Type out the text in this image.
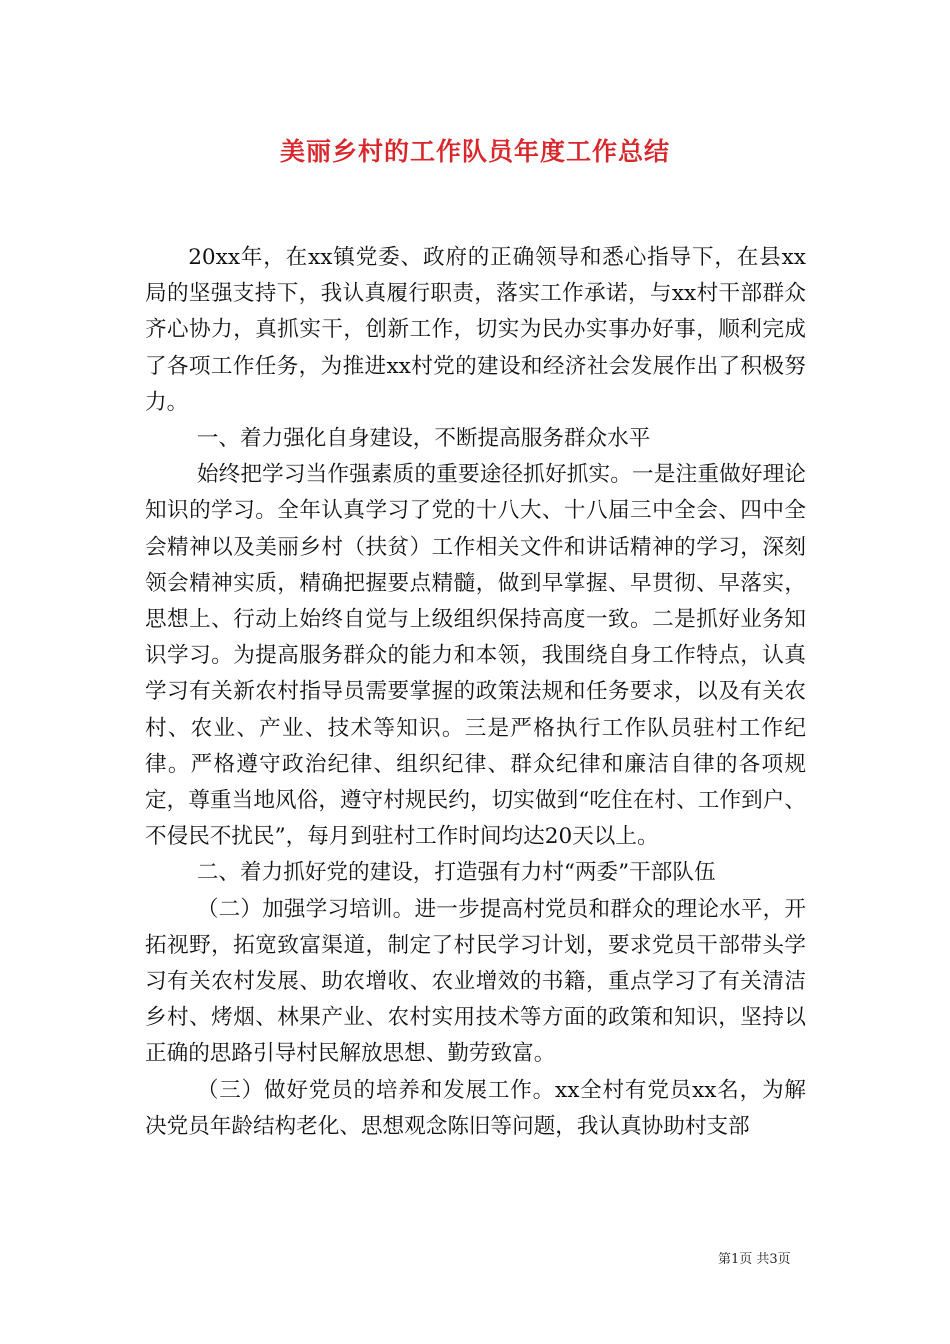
美丽乡村的工作队员年度工作总结

20xx年，在xx镇党委、政府的正确领导和悉心指导下，在县xx局的坚强支持下，我认真履行职责，落实工作承诺，与xx村干部群众齐心协力，真抓实干，创新工作，切实为民办实事办好事，顺利完成了各项工作任务，为推进xx村党的建设和经济社会发展作出了积极努力。

一、着力强化自身建设，不断提高服务群众水平

始终把学习当作强素质的重要途径抓好抓实。一是注重做好理论知识的学习。全年认真学习了党的十八大、十八届三中全会、四中全会精神以及美丽乡村（扶贫）工作相关文件和讲话精神的学习，深刻领会精神实质，精确把握要点精髓，做到早掌握、早贯彻、早落实，思想上、行动上始终自觉与上级组织保持高度一致。二是抓好业务知识学习。为提高服务群众的能力和本领，我围绕自身工作特点，认真学习有关新农村指导员需要掌握的政策法规和任务要求，以及有关农村、农业、产业、技术等知识。三是严格执行工作队员驻村工作纪律。严格遵守政治纪律、组织纪律、群众纪律和廉洁自律的各项规定，尊重当地风俗，遵守村规民约，切实做到“吃住在村、工作到户、不侵民不扰民”，每月到驻村工作时间均达20天以上。

二、着力抓好党的建设，打造强有力村“两委”干部队伍

（二）加强学习培训。进一步提高村党员和群众的理论水平，开拓视野，拓宽致富渠道，制定了村民学习计划，要求党员干部带头学习有关农村发展、助农增收、农业增效的书籍，重点学习了有关清洁乡村、烤烟、林果产业、农村实用技术等方面的政策和知识，坚持以正确的思路引导村民解放思想、勤劳致富。

（三）做好党员的培养和发展工作。xx全村有党员xx名，为解决党员年龄结构老化、思想观念陈旧等问题，我认真协助村支部

第1页 共3页
